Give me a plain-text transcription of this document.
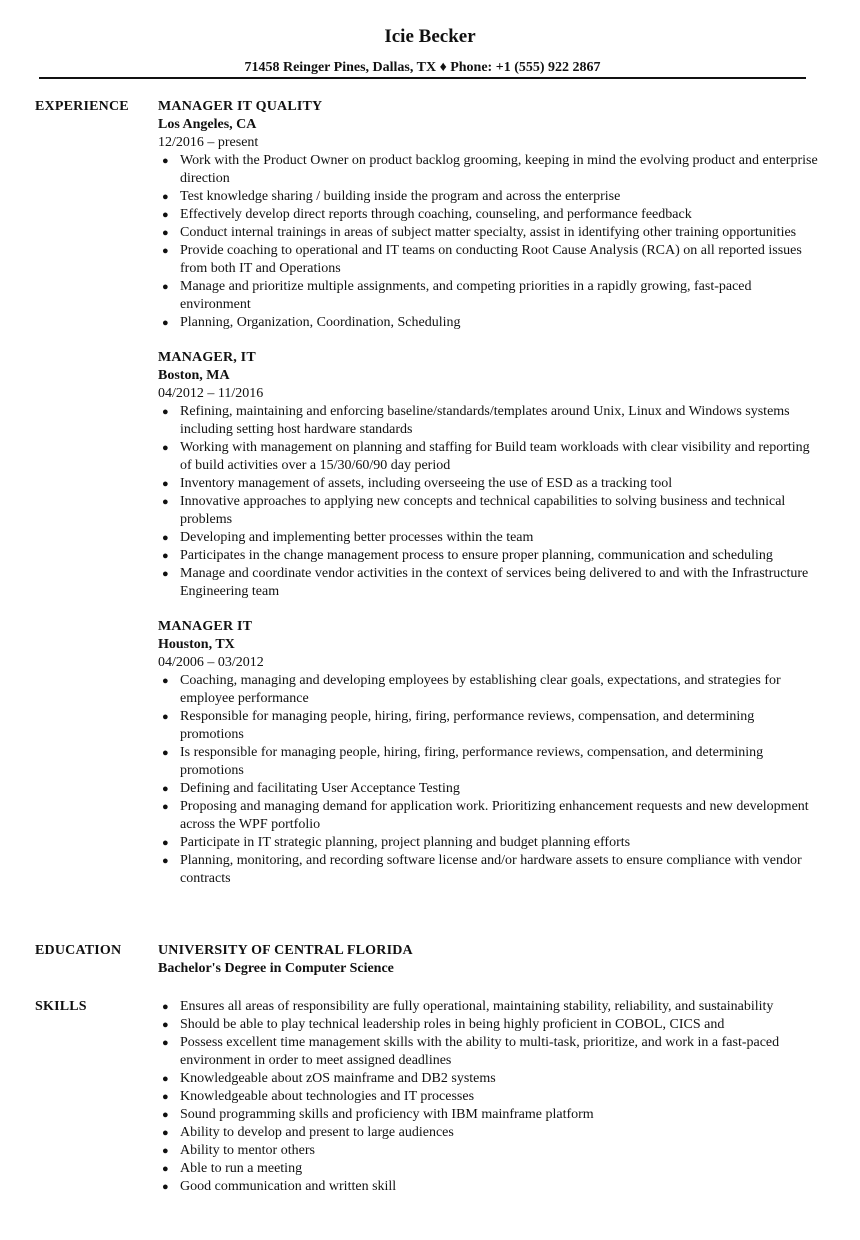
Icie Becker
71458 Reinger Pines, Dallas, TX ♦ Phone: +1 (555) 922 2867
EXPERIENCE MANAGER IT QUALITY
Los Angeles, CA
12/2016 – present
● Work with the Product Owner on product backlog grooming, keeping in mind the evolving product and enterprise direction
● Test knowledge sharing / building inside the program and across the enterprise
● Effectively develop direct reports through coaching, counseling, and performance feedback
● Conduct internal trainings in areas of subject matter specialty, assist in identifying other training opportunities
● Provide coaching to operational and IT teams on conducting Root Cause Analysis (RCA) on all reported issues from both IT and Operations
● Manage and prioritize multiple assignments, and competing priorities in a rapidly growing, fast-paced environment
● Planning, Organization, Coordination, Scheduling
MANAGER, IT
Boston, MA
04/2012 – 11/2016
● Refining, maintaining and enforcing baseline/standards/templates around Unix, Linux and Windows systems including setting host hardware standards
● Working with management on planning and staffing for Build team workloads with clear visibility and reporting of build activities over a 15/30/60/90 day period
● Inventory management of assets, including overseeing the use of ESD as a tracking tool
● Innovative approaches to applying new concepts and technical capabilities to solving business and technical problems
● Developing and implementing better processes within the team
● Participates in the change management process to ensure proper planning, communication and scheduling
● Manage and coordinate vendor activities in the context of services being delivered to and with the Infrastructure Engineering team
MANAGER IT
Houston, TX
04/2006 – 03/2012
● Coaching, managing and developing employees by establishing clear goals, expectations, and strategies for employee performance
● Responsible for managing people, hiring, firing, performance reviews, compensation, and determining promotions
● Is responsible for managing people, hiring, firing, performance reviews, compensation, and determining promotions
● Defining and facilitating User Acceptance Testing
● Proposing and managing demand for application work. Prioritizing enhancement requests and new development across the WPF portfolio
● Participate in IT strategic planning, project planning and budget planning efforts
● Planning, monitoring, and recording software license and/or hardware assets to ensure compliance with vendor contracts
EDUCATION	UNIVERSITY OF CENTRAL FLORIDA
Bachelor's Degree in Computer Science
SKILLS	● Ensures all areas of responsibility are fully operational, maintaining stability, reliability, and sustainability
● Should be able to play technical leadership roles in being highly proficient in COBOL, CICS and
● Possess excellent time management skills with the ability to multi-task, prioritize, and work in a fast-paced environment in order to meet assigned deadlines
● Knowledgeable about zOS mainframe and DB2 systems
● Knowledgeable about technologies and IT processes
● Sound programming skills and proficiency with IBM mainframe platform
● Ability to develop and present to large audiences
● Ability to mentor others
● Able to run a meeting
● Good communication and written skill
